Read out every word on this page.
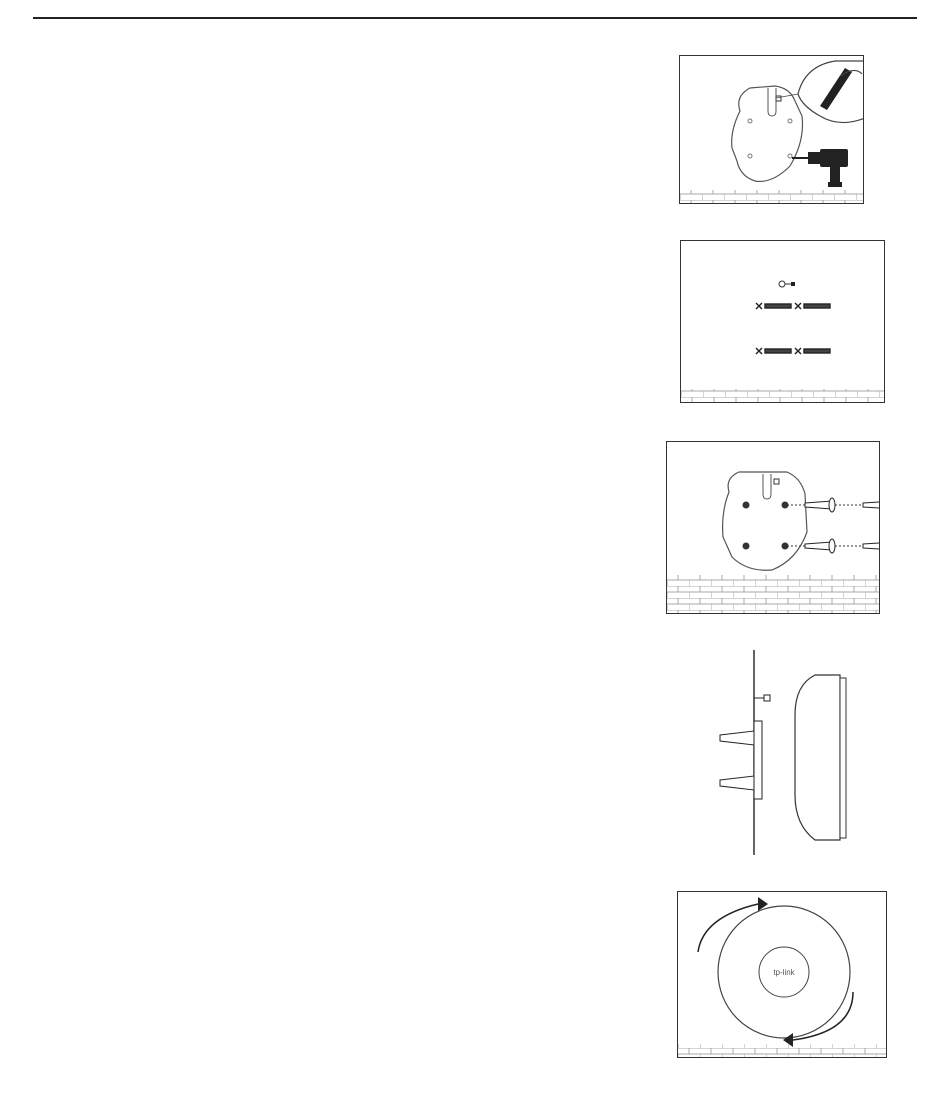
tp-link
